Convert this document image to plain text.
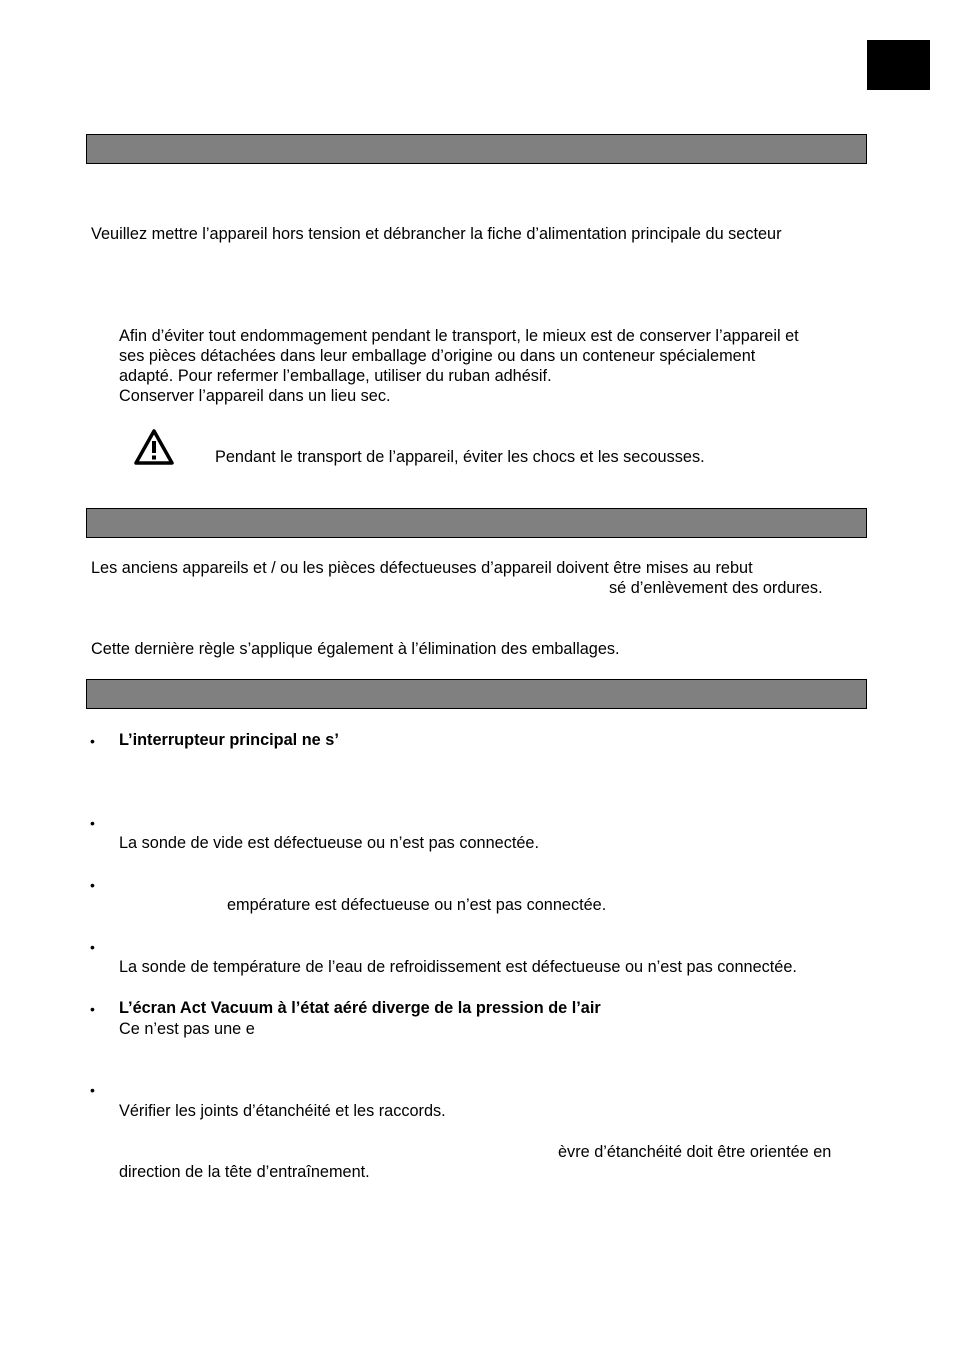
Veuillez mettre l’appareil hors tension et débrancher la fiche d’alimentation principale du secteur
Afin d’éviter tout endommagement pendant le transport, le mieux est de conserver l’appareil et
ses pièces détachées dans leur emballage d’origine ou dans un conteneur spécialement
adapté. Pour refermer l’emballage, utiliser du ruban adhésif.
Conserver l’appareil dans un lieu sec.
Pendant le transport de l’appareil, éviter les chocs et les secousses.
Les anciens appareils et / ou les pièces défectueuses d’appareil doivent être mises au rebut
sé d’enlèvement des ordures.
Cette dernière règle s’applique également à l’élimination des emballages.
• L’interrupteur principal ne s’
•
La sonde de vide est défectueuse ou n’est pas connectée.
•
empérature est défectueuse ou n’est pas connectée.
•
La sonde de température de l’eau de refroidissement est défectueuse ou n’est pas connectée.
• L’écran Act Vacuum à l’état aéré diverge de la pression de l’air
Ce n’est pas une e
•
Vérifier les joints d’étanchéité et les raccords.
èvre d’étanchéité doit être orientée en
direction de la tête d’entraînement.
